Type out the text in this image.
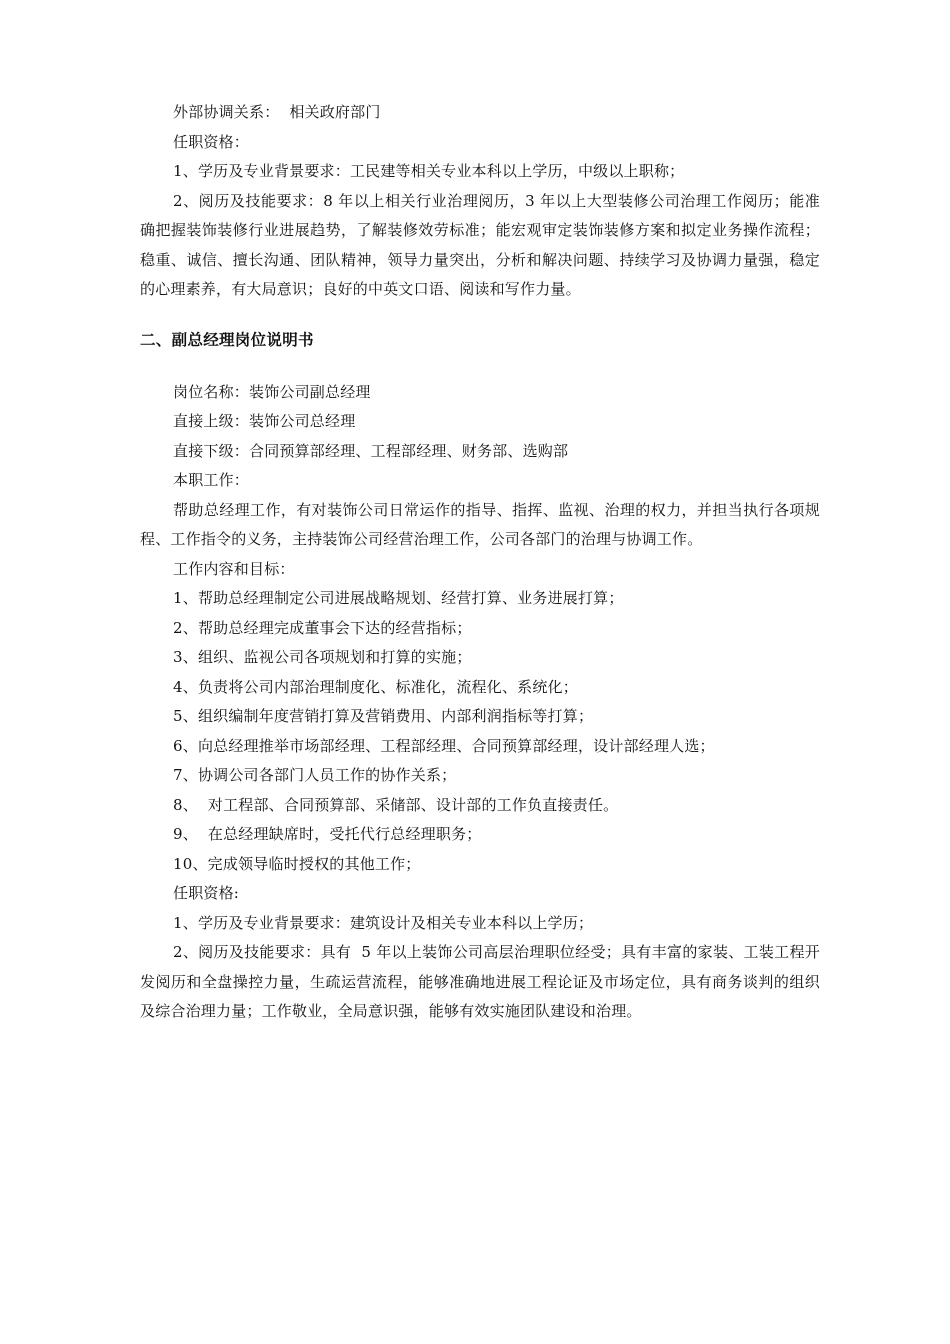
外部协调关系：  相关政府部门

任职资格：

1、学历及专业背景要求：工民建等相关专业本科以上学历，中级以上职称；

2、阅历及技能要求：8 年以上相关行业治理阅历，3 年以上大型装修公司治理工作阅历；能准确把握装饰装修行业进展趋势，了解装修效劳标准；能宏观审定装饰装修方案和拟定业务操作流程；稳重、诚信、擅长沟通、团队精神，领导力量突出，分析和解决问题、持续学习及协调力量强，稳定的心理素养，有大局意识；良好的中英文口语、阅读和写作力量。

二、副总经理岗位说明书

岗位名称：装饰公司副总经理

直接上级：装饰公司总经理

直接下级：合同预算部经理、工程部经理、财务部、选购部

本职工作：

帮助总经理工作，有对装饰公司日常运作的指导、指挥、监视、治理的权力，并担当执行各项规程、工作指令的义务，主持装饰公司经营治理工作，公司各部门的治理与协调工作。

工作内容和目标：

1、帮助总经理制定公司进展战略规划、经营打算、业务进展打算；

2、帮助总经理完成董事会下达的经营指标；

3、组织、监视公司各项规划和打算的实施；

4、负责将公司内部治理制度化、标准化，流程化、系统化；

5、组织编制年度营销打算及营销费用、内部利润指标等打算；

6、向总经理推举市场部经理、工程部经理、合同预算部经理，设计部经理人选；

7、协调公司各部门人员工作的协作关系；

8、  对工程部、合同预算部、采储部、设计部的工作负直接责任。

9、  在总经理缺席时，受托代行总经理职务；

10、完成领导临时授权的其他工作；

任职资格:

1、学历及专业背景要求：建筑设计及相关专业本科以上学历；

2、阅历及技能要求：具有  5 年以上装饰公司高层治理职位经受；具有丰富的家装、工装工程开发阅历和全盘操控力量，生疏运营流程，能够准确地进展工程论证及市场定位，具有商务谈判的组织及综合治理力量；工作敬业，全局意识强，能够有效实施团队建设和治理。
